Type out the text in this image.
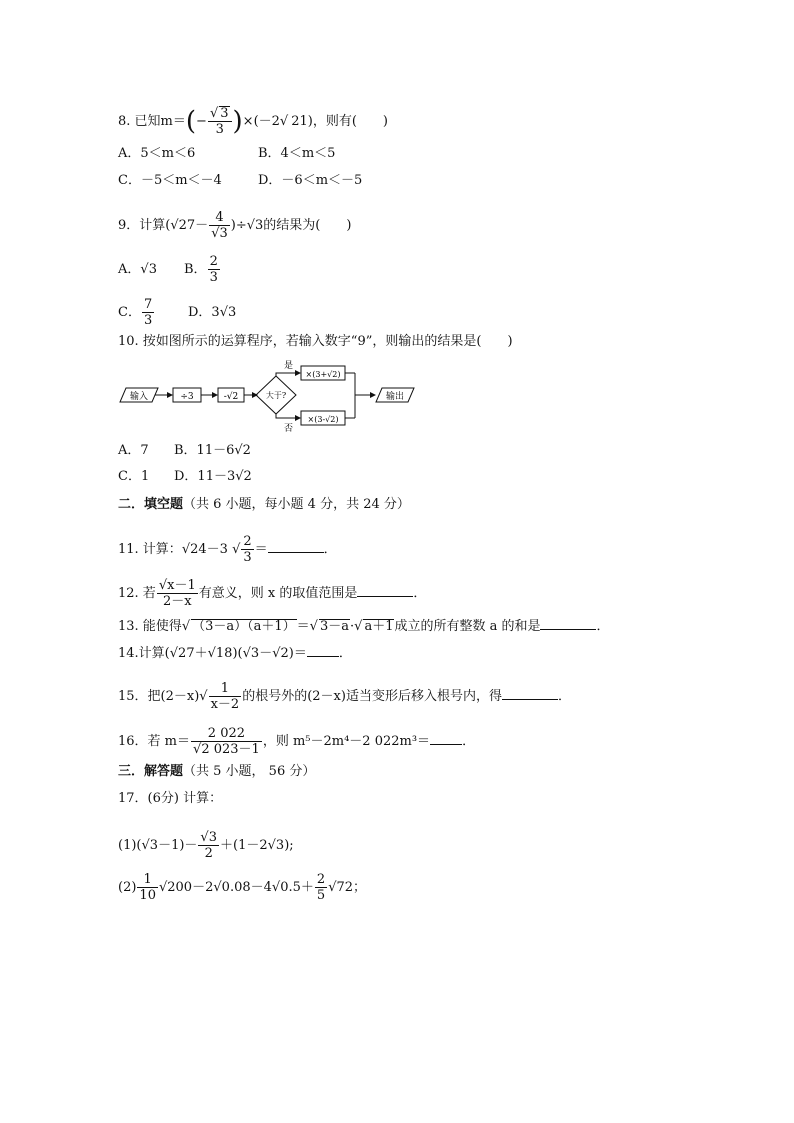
8. 已知$m=(- \frac{√ 3}{3} )\times(-2√$ 21)，则有(　　)
A．5＜m＜6	B．4＜m＜5
C．－5＜m＜－4	D．－6＜m＜－5
9．计算$(√27- \frac{4}{√3} )\div√3$的结果为(　　)
A．√3 B． $\frac{2}{3}$
C． $\frac{7}{3}$	D．3√3
10. 按如图所示的运算程序，若输入数字“9”，则输出的结果是(　　)
输入	÷3	-√2	大于?
是
否
×(3+√2)
×(3-√2)
输出
A．7 B．11－6√2
C．1 D．11－3√2
二．填空题（共 6 小题，每小题 4 分，共 24 分）
11. 计算：√24－3 √ $\frac{2}{3}$ ＝	．
12. 若 $\frac{√x-1}{2-x}$ 有意义，则 x 的取值范围是	．
13. 能使得√ （3－a）（a＋1）＝√ 3－a·√ a＋1成立的所有整数 a 的和是	．
14.计算(√27＋√18)(√3－√2)＝ ．
15．把$(2-x)√ \frac{1}{x-2}$ 的根号外的(2－x)适当变形后移入根号内，得	．
16．若 $m= \frac{2 022}{√2 023-1}$ ，则 m⁵－2m⁴－2 022m³＝ ．
三．解答题（共 5 小题， 56 分）
17．(6分) 计算：
$(1)(√3-1)- \frac{√3}{2} +(1-2√3)$;
$(2) \frac{1}{10} √200-2√0.08-4√0.5+ \frac{2}{5} √72$；
